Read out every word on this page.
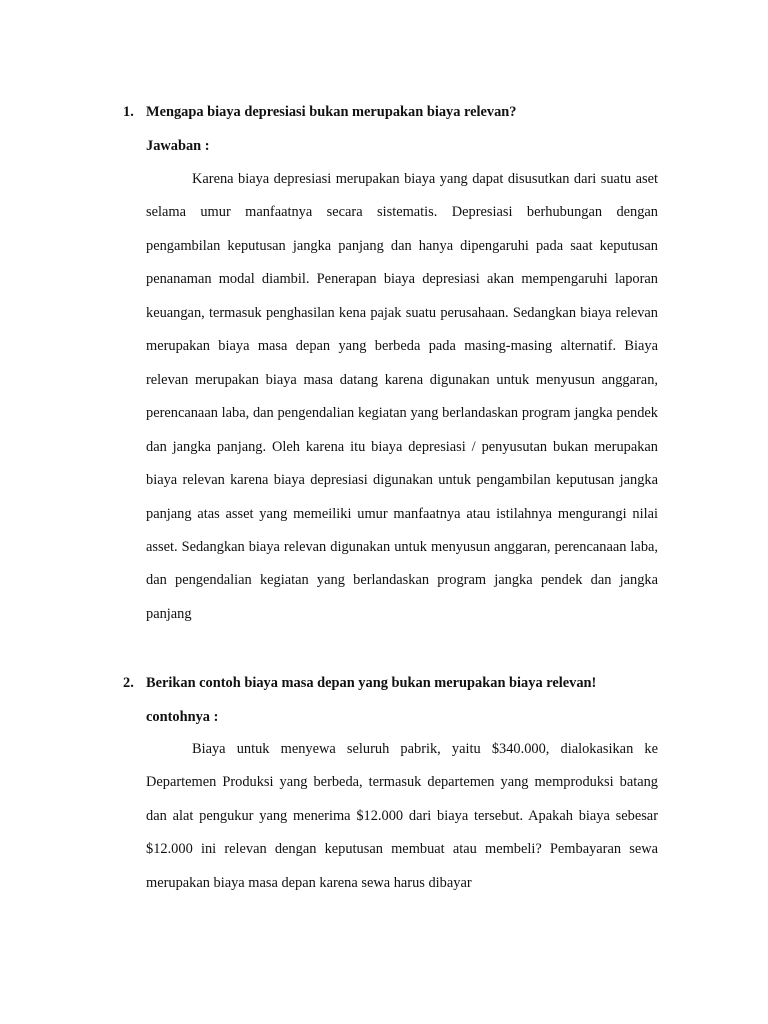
1. Mengapa biaya depresiasi bukan merupakan biaya relevan?
Jawaban :

Karena biaya depresiasi merupakan biaya yang dapat disusutkan dari suatu aset selama umur manfaatnya secara sistematis. Depresiasi berhubungan dengan pengambilan keputusan jangka panjang dan hanya dipengaruhi pada saat keputusan penanaman modal diambil. Penerapan biaya depresiasi akan mempengaruhi laporan keuangan, termasuk penghasilan kena pajak suatu perusahaan. Sedangkan biaya relevan merupakan biaya masa depan yang berbeda pada masing-masing alternatif. Biaya relevan merupakan biaya masa datang karena digunakan untuk menyusun anggaran, perencanaan laba, dan pengendalian kegiatan yang berlandaskan program jangka pendek dan jangka panjang. Oleh karena itu biaya depresiasi / penyusutan bukan merupakan biaya relevan karena biaya depresiasi digunakan untuk pengambilan keputusan jangka panjang atas asset yang memeiliki umur manfaatnya atau istilahnya mengurangi nilai asset. Sedangkan biaya relevan digunakan untuk menyusun anggaran, perencanaan laba, dan pengendalian kegiatan yang berlandaskan program jangka pendek dan jangka panjang

2. Berikan contoh biaya masa depan yang bukan merupakan biaya relevan!
contohnya :

Biaya untuk menyewa seluruh pabrik, yaitu $340.000, dialokasikan ke Departemen Produksi yang berbeda, termasuk departemen yang memproduksi batang dan alat pengukur yang menerima $12.000 dari biaya tersebut. Apakah biaya sebesar $12.000 ini relevan dengan keputusan membuat atau membeli? Pembayaran sewa merupakan biaya masa depan karena sewa harus dibayar
